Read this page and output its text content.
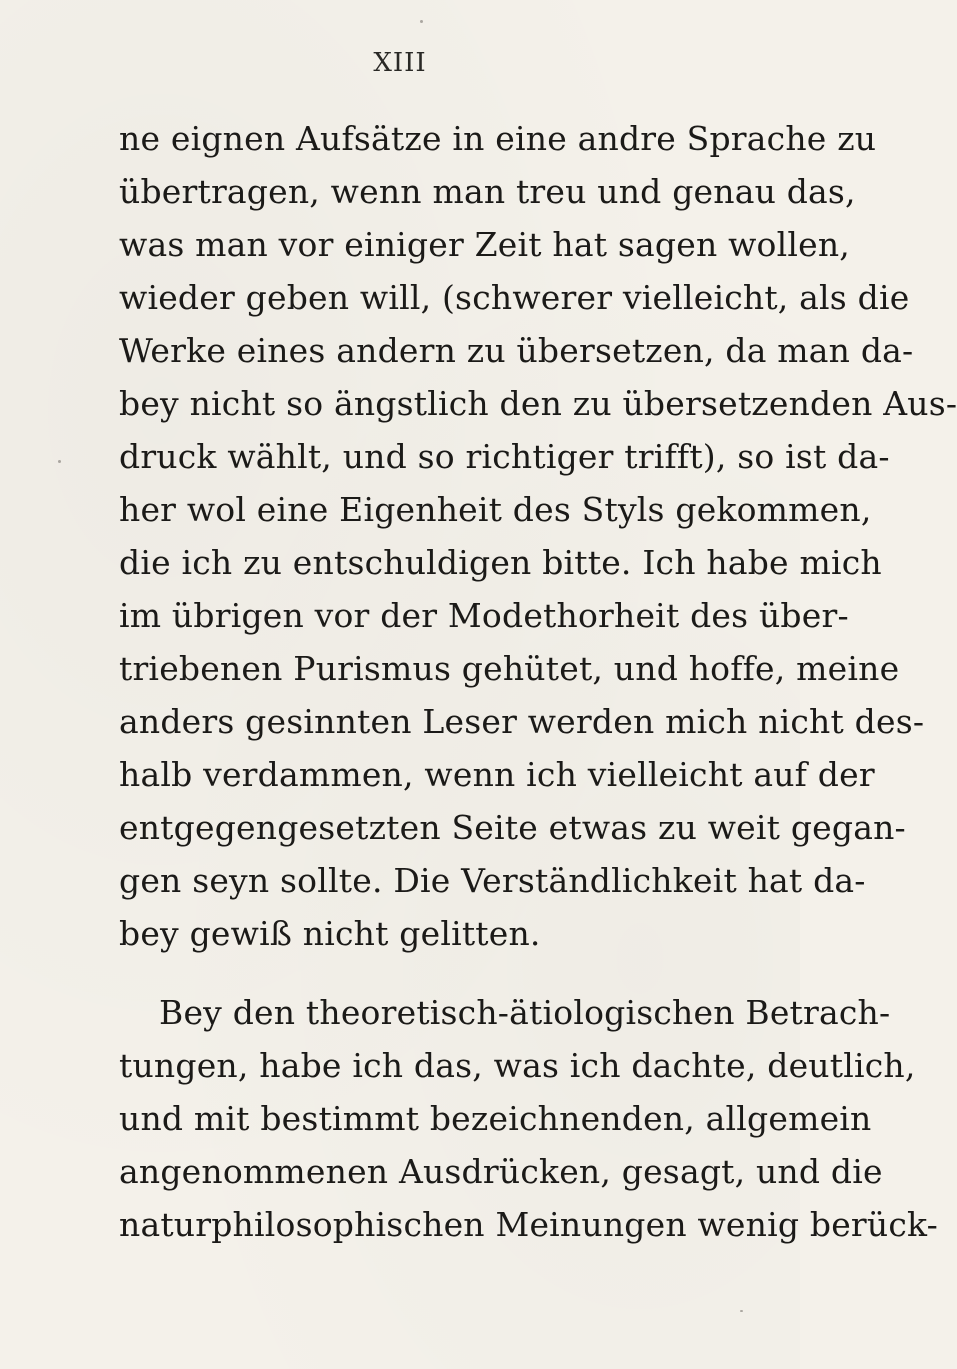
XIII
ne eignen Aufsätze in eine andre Sprache zu
übertragen, wenn man treu und genau das,
was man vor einiger Zeit hat sagen wollen,
wieder geben will, (schwerer vielleicht, als die
Werke eines andern zu übersetzen, da man da-
bey nicht so ängstlich den zu übersetzenden Aus-
druck wählt, und so richtiger trifft), so ist da-
her wol eine Eigenheit des Styls gekommen,
die ich zu entschuldigen bitte. Ich habe mich
im übrigen vor der Modethorheit des über-
triebenen Purismus gehütet, und hoffe, meine
anders gesinnten Leser werden mich nicht des-
halb verdammen, wenn ich vielleicht auf der
entgegengesetzten Seite etwas zu weit gegan-
gen seyn sollte. Die Verständlichkeit hat da-
bey gewiß nicht gelitten.
Bey den theoretisch-ätiologischen Betrach-
tungen, habe ich das, was ich dachte, deutlich,
und mit bestimmt bezeichnenden, allgemein
angenommenen Ausdrücken, gesagt, und die
naturphilosophischen Meinungen wenig berück-
